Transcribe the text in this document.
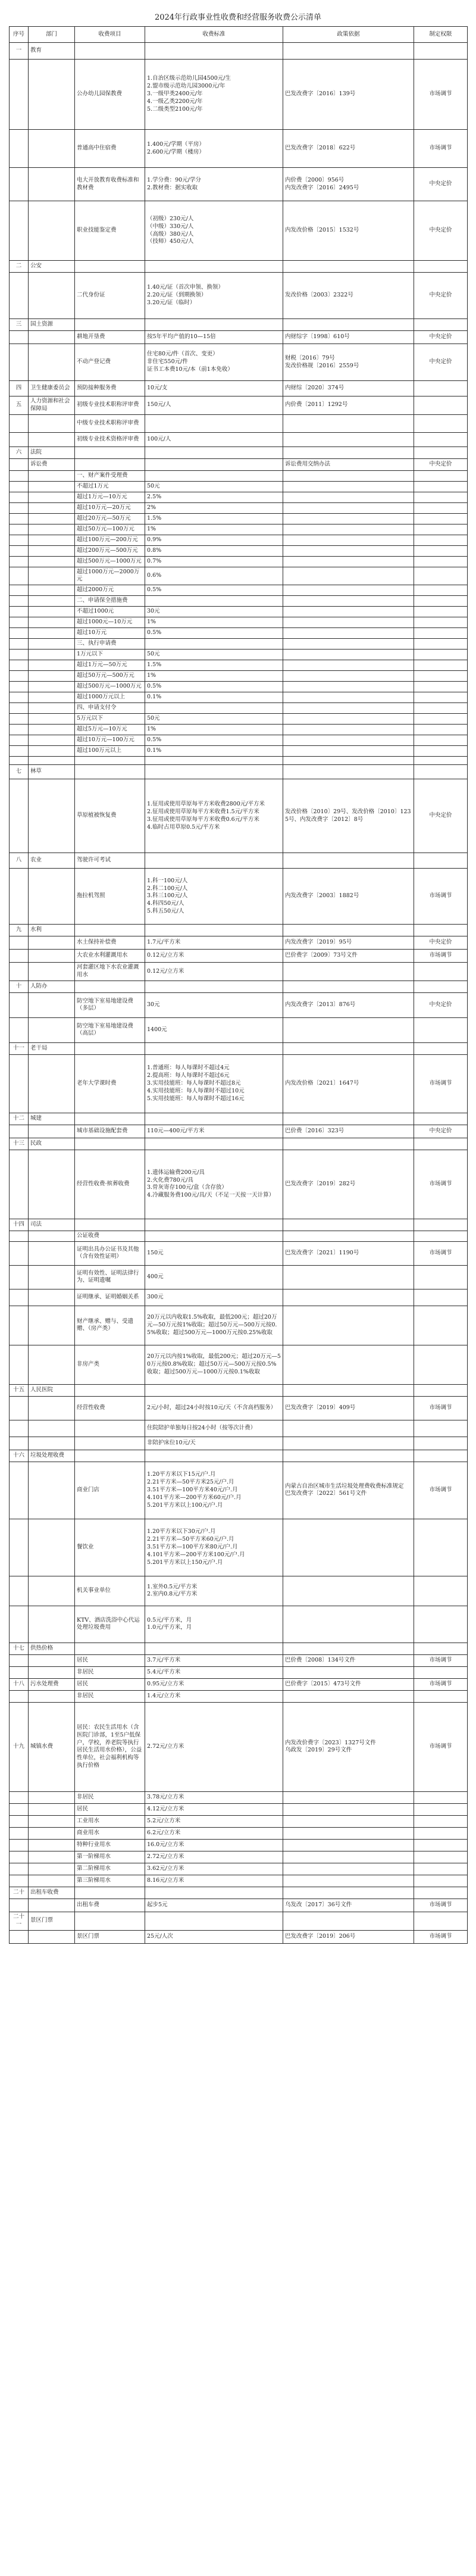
2024年行政事业性收费和经营服务收费公示清单
序号	部门	收费项目	收费标准	政策依据	制定权限
一	教育				
		公办幼儿园保教费	1.自治区级示范幼儿园4500元/生
2.盟市级示范幼儿园3000元/年
3.一级甲类2400元/年
4.一级乙类2200元/年
5.二级类型2100元/年	巴发改费字〔2016〕139号	市场调节
		普通高中住宿费	1.400元/学期（平房）
2.600元/学期（楼房）	巴发改费字〔2018〕622号	市场调节
		电大开放教育收费标准和教材费	1.学分费：90元/学分
2.教材费：据实收取	内价费〔2000〕956号
内发改费字〔2016〕2495号	中央定价
		职业技能鉴定费	（初级）230元/人
（中级）330元/人
（高级）380元/人
（技师）450元/人	内发改价格〔2015〕1532号	中央定价
二	公安				
		二代身份证	1.40元/证（首次申领、换领）
2.20元/证（到期换领）
3.20元/证（临时）	发改价格〔2003〕2322号	中央定价
三	国土资源				
		耕地开垦费	按5年平均产值的10—15倍	内财综字〔1998〕610号	中央定价
		不动产登记费	住宅80元/件（首次、变更）
非住宅550元/件
证书工本费10元/本（前1本免收）	财税〔2016〕79号
发改价格规〔2016〕2559号	中央定价
四	卫生健康委员会	预防接种服务费	10元/支	内财综〔2020〕374号	
五	人力资源和社会保障局	初级专业技术职称评审费	150元/人	内价费〔2011〕1292号	
		中级专业技术职称评审费			
		初级专业技术资格评审费	100元/人		
六	法院				
	诉讼费			诉讼费用交纳办法	中央定价
		一、财产案件受理费			
		不超过1万元	50元		
		超过1万元—10万元	2.5%		
		超过10万元—20万元	2%		
		超过20万元—50万元	1.5%		
		超过50万元—100万元	1%		
		超过100万元—200万元	0.9%		
		超过200万元—500万元	0.8%		
		超过500万元—1000万元	0.7%		
		超过1000万元—2000万元	0.6%		
		超过2000万元	0.5%		
		二、申请保全措施费			
		不超过1000元	30元		
		超过1000元—10万元	1%		
		超过10万元	0.5%		
		三、执行申请费			
		1万元以下	50元		
		超过1万元—50万元	1.5%		
		超过50万元—500万元	1%		
		超过500万元—1000万元	0.5%		
		超过1000万元以上	0.1%		
		四、申请支付令			
		5万元以下	50元		
		超过5万元—10万元	1%		
		超过10万元—100万元	0.5%		
		超过100万元以上	0.1%		

七	林草				
		草原植被恢复费	1.征用或使用草原每平方米收费2800元/平方米
2.征用或使用草原每平方米收费1.5元/平方米
3.征用或使用草原每平方米收费0.6元/平方米
4.临时占用草原0.5元/平方米	发改价格〔2010〕29号、发改价格〔2010〕1235号、内发改费字〔2012〕8号	中央定价
八	农业	驾驶许可考试			
		拖拉机驾照	1.科一100元/人
2.科二100元/人
3.科三100元/人
4.科四50元/人
5.科五50元/人	内发改费字〔2003〕1882号	市场调节
九	水利				
		水土保持补偿费	1.7元/平方米	内发改费字〔2019〕95号	中央定价
		大农业水利灌溉用水	0.12元/立方米	巴价费字〔2009〕73号文件	市场调节
		河套灌区地下水农业灌溉用水	0.12元/立方米		
十	人防办				
		防空地下室易地建设费（多层）	30元	内发改费字〔2013〕876号	中央定价
		防空地下室易地建设费（高层）	1400元		
十一	老干局				
		老年大学课时费	1.普通班：每人每课时不超过4元
2.提高班：每人每课时不超过6元
3.实用技能班：每人每课时不超过8元
4.实用技能班：每人每课时不超过10元
5.实用技能班：每人每课时不超过16元	内发改价格〔2021〕1647号	市场调节
十二	城建				
		城市基础设施配套费	110元—400元/平方米	巴价费〔2016〕323号	中央定价
十三	民政				
		经营性收费·殡葬收费	1.遗体运输费200元/具
2.火化费780元/具
3.骨灰寄存100元/盒（含存放）
4.冷藏服务费100元/具/天（不足一天按一天计算）	巴发改费字〔2019〕282号	市场调节
十四	司法				
		公证收费			
		证明出具办公证书及其他（含有效性证明）	150元	巴发改费字〔2021〕1190号	市场调节
		证明有效性、证明法律行为、证明遗嘱	400元		
		证明继承、证明婚姻关系	300元		
		财产继承、赠与、受遗赠、（房产类）	20万元以内收取1.5%收取，最低200元；超过20万元—50万元按1%收取；超过50万元—500万元按0.5%收取；超过500万元—1000万元按0.25%收取		
		非房产类	20万元以内按1%收取，最低200元；超过20万元—50万元按0.8%收取；超过50万元—500万元按0.5%收取；超过500万元—1000万元按0.1%收取		
十五	人民医院				
		经营性收费	2元/小时，超过24小时按10元/天（不含高档服务）	巴发改费字〔2019〕409号	市场调节
			住院陪护单独每日按24小时（按等次计费）		
			非陪护床位10元/天		
十六	垃圾处理收费				
		商业门店	1.20平方米以下15元/户.月
2.21平方米—50平方米25元/户.月
3.51平方米—100平方米40元/户.月
4.101平方米—200平方米60元/户.月
5.201平方米以上100元/户.月	内蒙古自治区城市生活垃圾处理费收费标准规定
巴发改费字〔2022〕561号文件	市场调节
		餐饮业	1.20平方米以下30元/户.月
2.21平方米—50平方米60元/户.月
3.51平方米—100平方米80元/户.月
4.101平方米—200平方米100元/户.月
5.201平方米以上150元/户.月		
		机关事业单位	1.室外0.5元/平方米
2.室内0.8元/平方米		
		KTV、酒店洗浴中心代运处理垃圾费用	0.5元/平方米，月
1.0元/平方米，月		
十七	供热价格				
		居民	3.7元/平方米	巴价费〔2008〕134号文件	市场调节
		非居民	5.4元/平方米		
十八	污水处理费	居民	0.95元/立方米	巴价费字〔2015〕473号文件	市场调节
		非居民	1.4元/立方米		
十九	城镇水费	居民：农民生活用水（含医院门诊部，1至5户低保户，学校，养老院等执行居民生活用水价格），公益性单位，社会福利机构等执行价格	2.72元/立方米	内发改价费字〔2023〕1327号文件
乌政发〔2019〕29号文件	市场调节
		非居民	3.78元/立方米		
		居民	4.12元/立方米		
		工业用水	5.2元/立方米		
		商业用水	6.2元/立方米		
		特种行业用水	16.0元/立方米		
		第一阶梯用水	2.72元/立方米		
		第二阶梯用水	3.62元/立方米		
		第三阶梯用水	8.16元/立方米		
二十	出租车收费				
		出租车费	起步5元	乌发改〔2017〕36号文件	市场调节
二十一	景区门票				
		景区门票	25元/人次	巴发改费字〔2019〕206号	市场调节
